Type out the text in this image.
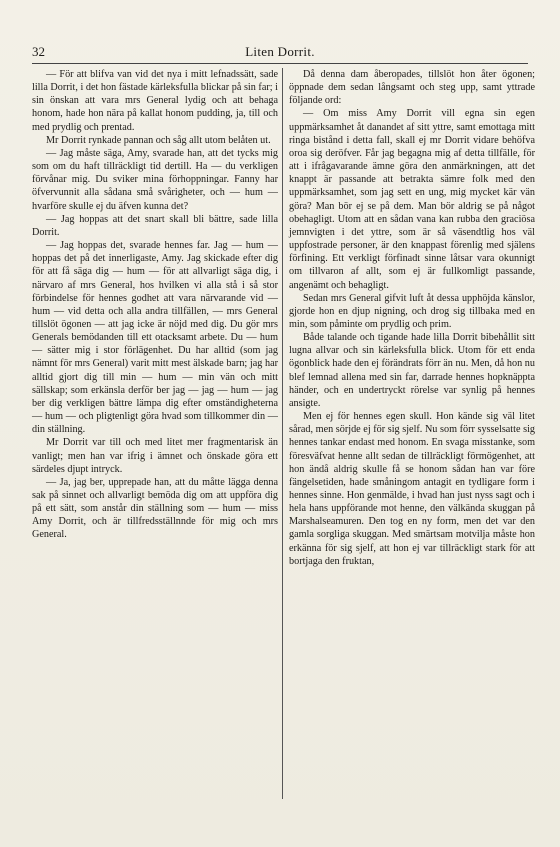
32	Liten Dorrit.

— För att blifva van vid det nya i mitt lefnadssätt, sade lilla Dorrit, i det hon fästade kärleksfulla blickar på sin far; i sin önskan att vara mrs General lydig och att behaga honom, hade hon nära på kallat honom pudding, ja, till och med prydlig och prentad.

Mr Dorrit rynkade pannan och såg allt utom belåten ut.

— Jag måste säga, Amy, svarade han, att det tycks mig som om du haft tillräckligt tid dertill. Ha — du verkligen förvånar mig. Du sviker mina förhoppningar. Fanny har öfvervunnit alla sådana små svårigheter, och — hum — hvarföre skulle ej du äfven kunna det?

— Jag hoppas att det snart skall bli bättre, sade lilla Dorrit.

— Jag hoppas det, svarade hennes far. Jag — hum — hoppas det på det innerligaste, Amy. Jag skickade efter dig för att få säga dig — hum — för att allvarligt säga dig, i närvaro af mrs General, hos hvilken vi alla stå i så stor förbindelse för hennes godhet att vara närvarande vid — hum — vid detta och alla andra tillfällen, — mrs General tillslöt ögonen — att jag icke är nöjd med dig. Du gör mrs Generals bemödanden till ett otacksamt arbete. Du — hum — sätter mig i stor förlägenhet. Du har alltid (som jag nämnt för mrs General) varit mitt mest älskade barn; jag har alltid gjort dig till min — hum — min vän och mitt sällskap; som erkänsla derför ber jag — jag — hum — jag ber dig verkligen bättre lämpa dig efter omständigheterna — hum — och pligtenligt göra hvad som tillkommer din — din ställning.

Mr Dorrit var till och med litet mer fragmentarisk än vanligt; men han var ifrig i ämnet och önskade göra ett särdeles djupt intryck.

— Ja, jag ber, upprepade han, att du måtte lägga denna sak på sinnet och allvarligt bemöda dig om att uppföra dig på ett sätt, som anstår din ställning som — hum — miss Amy Dorrit, och är tillfredsställnnde för mig och mrs General.

Då denna dam åberopades, tillslöt hon åter ögonen; öppnade dem sedan långsamt och steg upp, samt yttrade följande ord:

— Om miss Amy Dorrit vill egna sin egen uppmärksamhet åt danandet af sitt yttre, samt emottaga mitt ringa bistånd i detta fall, skall ej mr Dorrit vidare behöfva oroa sig deröfver. Får jag begagna mig af detta tillfälle, för att i ifrågavarande ämne göra den anmärkningen, att det knappt är passande att betrakta sämre folk med den uppmärksamhet, som jag sett en ung, mig mycket kär vän göra? Man bör ej se på dem. Man bör aldrig se på något obehagligt. Utom att en sådan vana kan rubba den graciösa jemnvigten i det yttre, som är så väsendtlig hos väl uppfostrade personer, är den knappast förenlig med själens förfining. Ett verkligt förfinadt sinne låtsar vara okunnigt om tillvaron af allt, som ej är fullkomligt passande, angenämt och behagligt.

Sedan mrs General gifvit luft åt dessa upphöjda känslor, gjorde hon en djup nigning, och drog sig tillbaka med en min, som påminte om prydlig och prim.

Både talande och tigande hade lilla Dorrit bibehållit sitt lugna allvar och sin kärleksfulla blick. Utom för ett enda ögonblick hade den ej förändrats förr än nu. Men, då hon nu blef lemnad allena med sin far, darrade hennes hopknäppta händer, och en undertryckt rörelse var synlig på hennes ansigte.

Men ej för hennes egen skull. Hon kände sig väl litet sårad, men sörjde ej för sig sjelf. Nu som förr sysselsatte sig hennes tankar endast med honom. En svaga misstanke, som föresväfvat henne allt sedan de tillräckligt förmögenhet, att hon ändå aldrig skulle få se honom sådan han var före fängelsetiden, hade småningom antagit en tydligare form i hennes sinne. Hon genmälde, i hvad han just nyss sagt och i hela hans uppförande mot henne, den välkända skuggan på Marshalseamuren. Den tog en ny form, men det var den gamla sorgliga skuggan. Med smärtsam motvilja måste hon erkänna för sig sjelf, att hon ej var tillräckligt stark för att bortjaga den fruktan,
